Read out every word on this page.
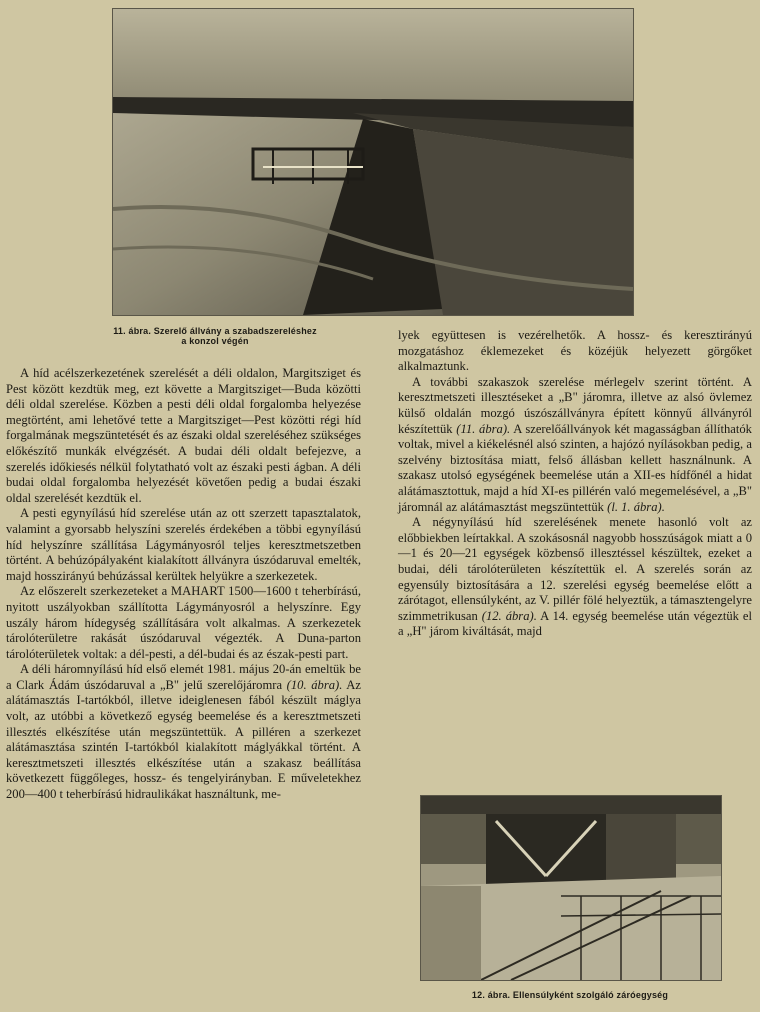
11. ábra. Szerelő állvány a szabadszereléshez
a konzol végén

A híd acélszerkezetének szerelését a déli oldalon, Margitsziget és Pest között kezdtük meg, ezt követte a Margitsziget—Buda közötti déli oldal szerelése. Közben a pesti déli oldal forgalomba helyezése megtörtént, ami lehetővé tette a Margitsziget—Pest közötti régi híd forgalmának megszüntetését és az északi oldal szereléséhez szükséges előkészítő munkák elvégzését. A budai déli oldalt befejezve, a szerelés időkiesés nélkül folytatható volt az északi pesti ágban. A déli budai oldal forgalomba helyezését követően pedig a budai északi oldal szerelését kezdtük el.

A pesti egynyílású híd szerelése után az ott szerzett tapasztalatok, valamint a gyorsabb helyszíni szerelés érdekében a többi egynyílású híd helyszínre szállítása Lágymányosról teljes keresztmetszetben történt. A behúzópályaként kialakított állványra úszódaruval emelték, majd hosszirányú behúzással kerültek helyükre a szerkezetek.

Az előszerelt szerkezeteket a MAHART 1500—1600 t teherbírású, nyitott uszályokban szállította Lágymányosról a helyszínre. Egy uszály három hídegység szállítására volt alkalmas. A szerkezetek tárolóterületre rakását úszódaruval végezték. A Duna-parton tárolóterületek voltak: a dél-pesti, a dél-budai és az észak-pesti part.

A déli háromnyílású híd első elemét 1981. május 20-án emeltük be a Clark Ádám úszódaruval a „B" jelű szerelőjáromra (10. ábra). Az alátámasztás I-tartókból, illetve ideiglenesen fából készült máglya volt, az utóbbi a következő egység beemelése és a keresztmetszeti illesztés elkészítése után megszüntettük. A pilléren a szerkezet alátámasztása szintén I-tartókból kialakított máglyákkal történt. A keresztmetszeti illesztés elkészítése után a szakasz beállítása következett függőleges, hossz- és tengelyirányban. E műveletekhez 200—400 t teherbírású hidraulikákat használtunk, me-

lyek együttesen is vezérelhetők. A hossz- és keresztirányú mozgatáshoz éklemezeket és közéjük helyezett görgőket alkalmaztunk.

A további szakaszok szerelése mérlegelv szerint történt. A keresztmetszeti illesztéseket a „B" járomra, illetve az alsó övlemez külső oldalán mozgó úszószállványra épített könnyű állványról készítettük (11. ábra). A szerelőállványok két magasságban állíthatók voltak, mivel a kiékelésnél alsó szinten, a hajózó nyílásokban pedig, a szelvény biztosítása miatt, felső állásban kellett használnunk. A szakasz utolsó egységének beemelése után a XII-es hídfőnél a hidat alátámasztottuk, majd a híd XI-es pillérén való megemelésével, a „B" járomnál az alátámasztást megszüntettük (l. 1. ábra).

A négynyílású híd szerelésének menete hasonló volt az előbbiekben leírtakkal. A szokásosnál nagyobb hosszúságok miatt a 0—1 és 20—21 egységek közbenső illesztéssel készültek, ezeket a budai, déli tárolóterületen készítettük el. A szerelés során az egyensúly biztosítására a 12. szerelési egység beemelése előtt a zárótagot, ellensúlyként, az V. pillér fölé helyeztük, a támasztengelyre szimmetrikusan (12. ábra). A 14. egység beemelése után végeztük el a „H" járom kiváltását, majd

12. ábra. Ellensúlyként szolgáló záróegység
